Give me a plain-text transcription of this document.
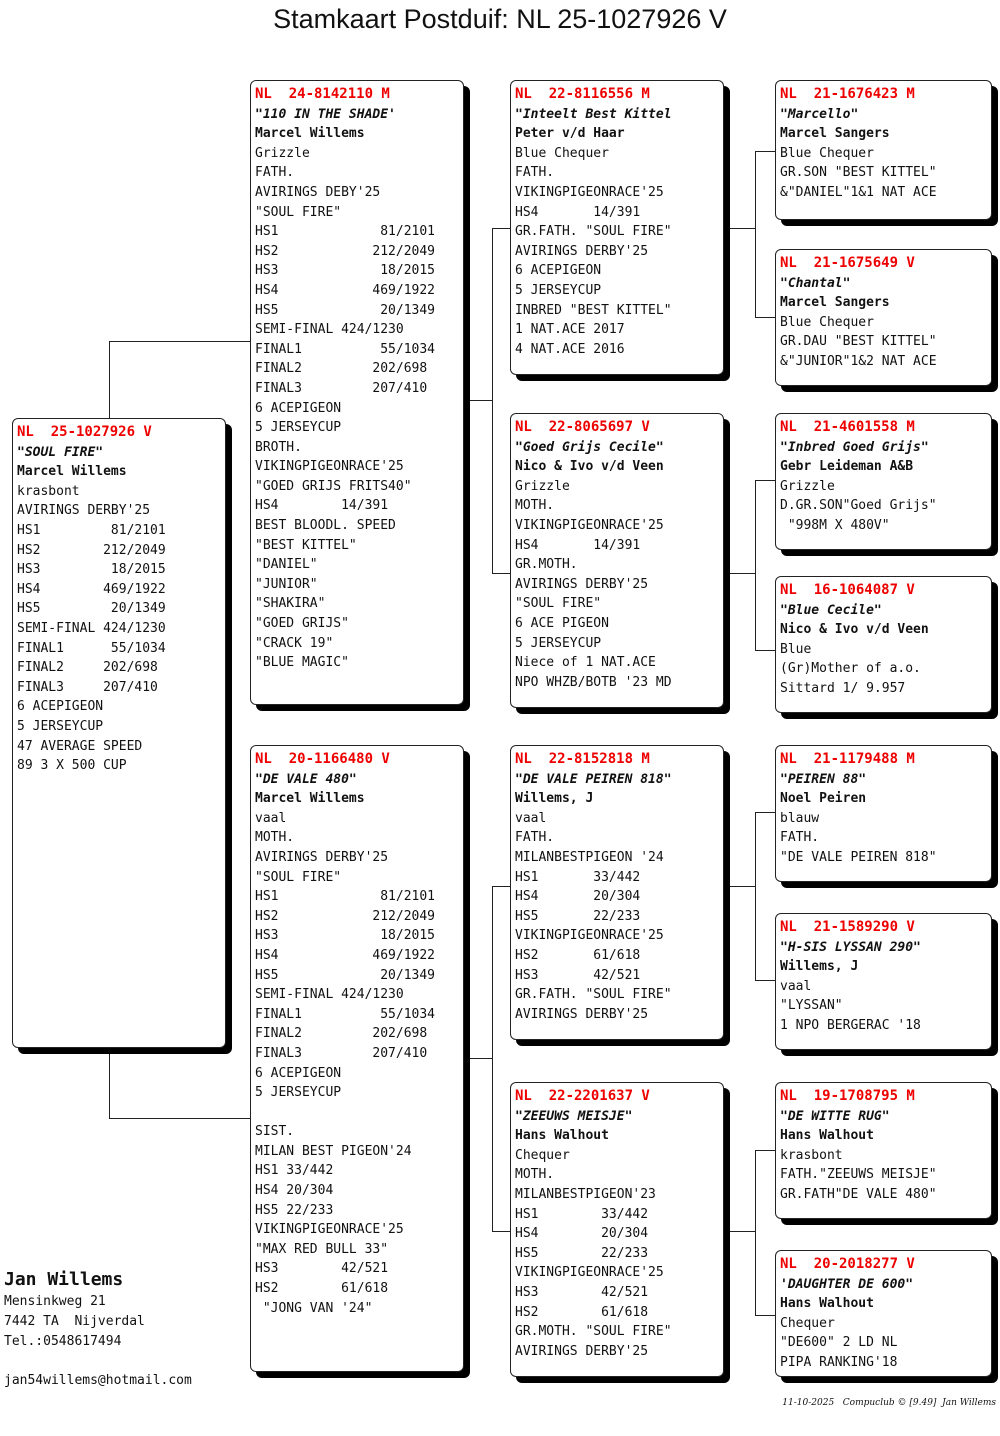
Stamkaart Postduif: NL 25-1027926 V
NL  25-1027926 V
"SOUL FIRE"
Marcel Willems
krasbont
AVIRINGS DERBY'25
HS1         81/2101
HS2        212/2049
HS3         18/2015
HS4        469/1922
HS5         20/1349
SEMI-FINAL 424/1230
FINAL1      55/1034
FINAL2     202/698
FINAL3     207/410
6 ACEPIGEON
5 JERSEYCUP
47 AVERAGE SPEED
89 3 X 500 CUP
NL  24-8142110 M
"110 IN THE SHADE'
Marcel Willems
Grizzle
FATH.
AVIRINGS DEBY'25
"SOUL FIRE"
HS1             81/2101
HS2            212/2049
HS3             18/2015
HS4            469/1922
HS5             20/1349
SEMI-FINAL 424/1230
FINAL1          55/1034
FINAL2         202/698
FINAL3         207/410
6 ACEPIGEON
5 JERSEYCUP
BROTH.
VIKINGPIGEONRACE'25
"GOED GRIJS FRITS40"
HS4        14/391
BEST BLOODL. SPEED
"BEST KITTEL"
"DANIEL"
"JUNIOR"
"SHAKIRA"
"GOED GRIJS"
"CRACK 19"
"BLUE MAGIC"
NL  20-1166480 V
"DE VALE 480"
Marcel Willems
vaal
MOTH.
AVIRINGS DERBY'25
"SOUL FIRE"
HS1             81/2101
HS2            212/2049
HS3             18/2015
HS4            469/1922
HS5             20/1349
SEMI-FINAL 424/1230
FINAL1          55/1034
FINAL2         202/698
FINAL3         207/410
6 ACEPIGEON
5 JERSEYCUP
SIST.
MILAN BEST PIGEON'24
HS1 33/442
HS4 20/304
HS5 22/233
VIKINGPIGEONRACE'25
"MAX RED BULL 33"
HS3        42/521
HS2        61/618
"JONG VAN '24"
NL  22-8116556 M
"Inteelt Best Kittel
Peter v/d Haar
Blue Chequer
FATH.
VIKINGPIGEONRACE'25
HS4       14/391
GR.FATH. "SOUL FIRE"
AVIRINGS DERBY'25
6 ACEPIGEON
5 JERSEYCUP
INBRED "BEST KITTEL"
1 NAT.ACE 2017
4 NAT.ACE 2016
NL  22-8065697 V
"Goed Grijs Cecile"
Nico & Ivo v/d Veen
Grizzle
MOTH.
VIKINGPIGEONRACE'25
HS4       14/391
GR.MOTH.
AVIRINGS DERBY'25
"SOUL FIRE"
6 ACE PIGEON
5 JERSEYCUP
Niece of 1 NAT.ACE
NPO WHZB/BOTB '23 MD
NL  22-8152818 M
"DE VALE PEIREN 818"
Willems, J
vaal
FATH.
MILANBESTPIGEON '24
HS1       33/442
HS4       20/304
HS5       22/233
VIKINGPIGEONRACE'25
HS2       61/618
HS3       42/521
GR.FATH. "SOUL FIRE"
AVIRINGS DERBY'25
NL  22-2201637 V
"ZEEUWS MEISJE"
Hans Walhout
Chequer
MOTH.
MILANBESTPIGEON'23
HS1        33/442
HS4        20/304
HS5        22/233
VIKINGPIGEONRACE'25
HS3        42/521
HS2        61/618
GR.MOTH. "SOUL FIRE"
AVIRINGS DERBY'25
NL  21-1676423 M
"Marcello"
Marcel Sangers
Blue Chequer
GR.SON "BEST KITTEL"
&"DANIEL"1&1 NAT ACE
NL  21-1675649 V
"Chantal"
Marcel Sangers
Blue Chequer
GR.DAU "BEST KITTEL"
&"JUNIOR"1&2 NAT ACE
NL  21-4601558 M
"Inbred Goed Grijs"
Gebr Leideman A&B
Grizzle
D.GR.SON"Goed Grijs"
"998M X 480V"
NL  16-1064087 V
"Blue Cecile"
Nico & Ivo v/d Veen
Blue
(Gr)Mother of a.o.
Sittard 1/ 9.957
NL  21-1179488 M
"PEIREN 88"
Noel Peiren
blauw
FATH.
"DE VALE PEIREN 818"
NL  21-1589290 V
"H-SIS LYSSAN 290"
Willems, J
vaal
"LYSSAN"
1 NPO BERGERAC '18
NL  19-1708795 M
"DE WITTE RUG"
Hans Walhout
krasbont
FATH."ZEEUWS MEISJE"
GR.FATH"DE VALE 480"
NL  20-2018277 V
'DAUGHTER DE 600"
Hans Walhout
Chequer
"DE600" 2 LD NL
PIPA RANKING'18
Jan Willems
Mensinkweg 21
7442 TA  Nijverdal
Tel.:0548617494
jan54willems@hotmail.com
11-10-2025   Compuclub © [9.49]  Jan Willems
